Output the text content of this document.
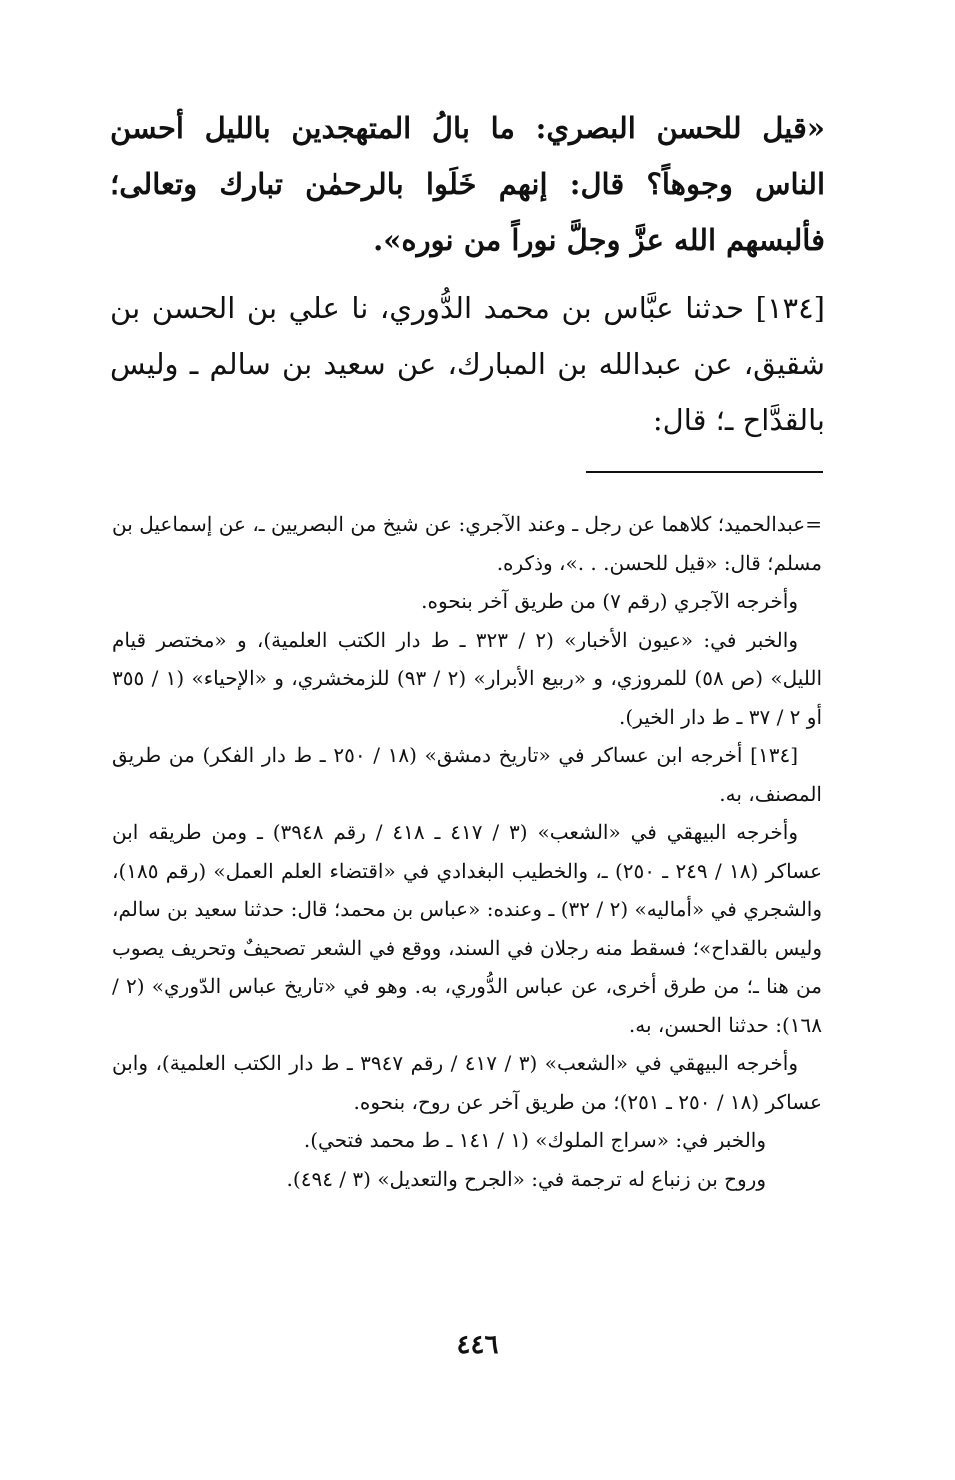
«قيل للحسن البصري: ما بالُ المتهجدين بالليل أحسن الناس وجوهاً؟ قال: إنهم خَلَوا بالرحمٰن تبارك وتعالى؛ فألبسهم الله عزَّ وجلَّ نوراً من نوره».

[١٣٤] حدثنا عبَّاس بن محمد الدُّوري، نا علي بن الحسن بن شقيق، عن عبدالله بن المبارك، عن سعيد بن سالم ـ وليس بالقدَّاح ـ؛ قال:

=عبدالحميد؛ كلاهما عن رجل ـ وعند الآجري: عن شيخ من البصريين ـ، عن إسماعيل بن مسلم؛ قال: «قيل للحسن. . .»، وذكره.

وأخرجه الآجري (رقم ٧) من طريق آخر بنحوه.

والخبر في: «عيون الأخبار» (٢ / ٣٢٣ ـ ط دار الكتب العلمية)، و «مختصر قيام الليل» (ص ٥٨) للمروزي، و «ربيع الأبرار» (٢ / ٩٣) للزمخشري، و «الإحياء» (١ / ٣٥٥ أو ٢ / ٣٧ ـ ط دار الخير).

[١٣٤] أخرجه ابن عساكر في «تاريخ دمشق» (١٨ / ٢٥٠ ـ ط دار الفكر) من طريق المصنف، به.

وأخرجه البيهقي في «الشعب» (٣ / ٤١٧ ـ ٤١٨ / رقم ٣٩٤٨) ـ ومن طريقه ابن عساكر (١٨ / ٢٤٩ ـ ٢٥٠) ـ، والخطيب البغدادي في «اقتضاء العلم العمل» (رقم ١٨٥)، والشجري في «أماليه» (٢ / ٣٢) ـ وعنده: «عباس بن محمد؛ قال: حدثنا سعيد بن سالم، وليس بالقداح»؛ فسقط منه رجلان في السند، ووقع في الشعر تصحيفٌ وتحريف يصوب من هنا ـ؛ من طرق أخرى، عن عباس الدُّوري، به. وهو في «تاريخ عباس الدّوري» (٢ / ١٦٨): حدثنا الحسن، به.

وأخرجه البيهقي في «الشعب» (٣ / ٤١٧ / رقم ٣٩٤٧ ـ ط دار الكتب العلمية)، وابن عساكر (١٨ / ٢٥٠ ـ ٢٥١)؛ من طريق آخر عن روح، بنحوه.

والخبر في: «سراج الملوك» (١ / ١٤١ ـ ط محمد فتحي).

وروح بن زنباع له ترجمة في: «الجرح والتعديل» (٣ / ٤٩٤).

٤٤٦
